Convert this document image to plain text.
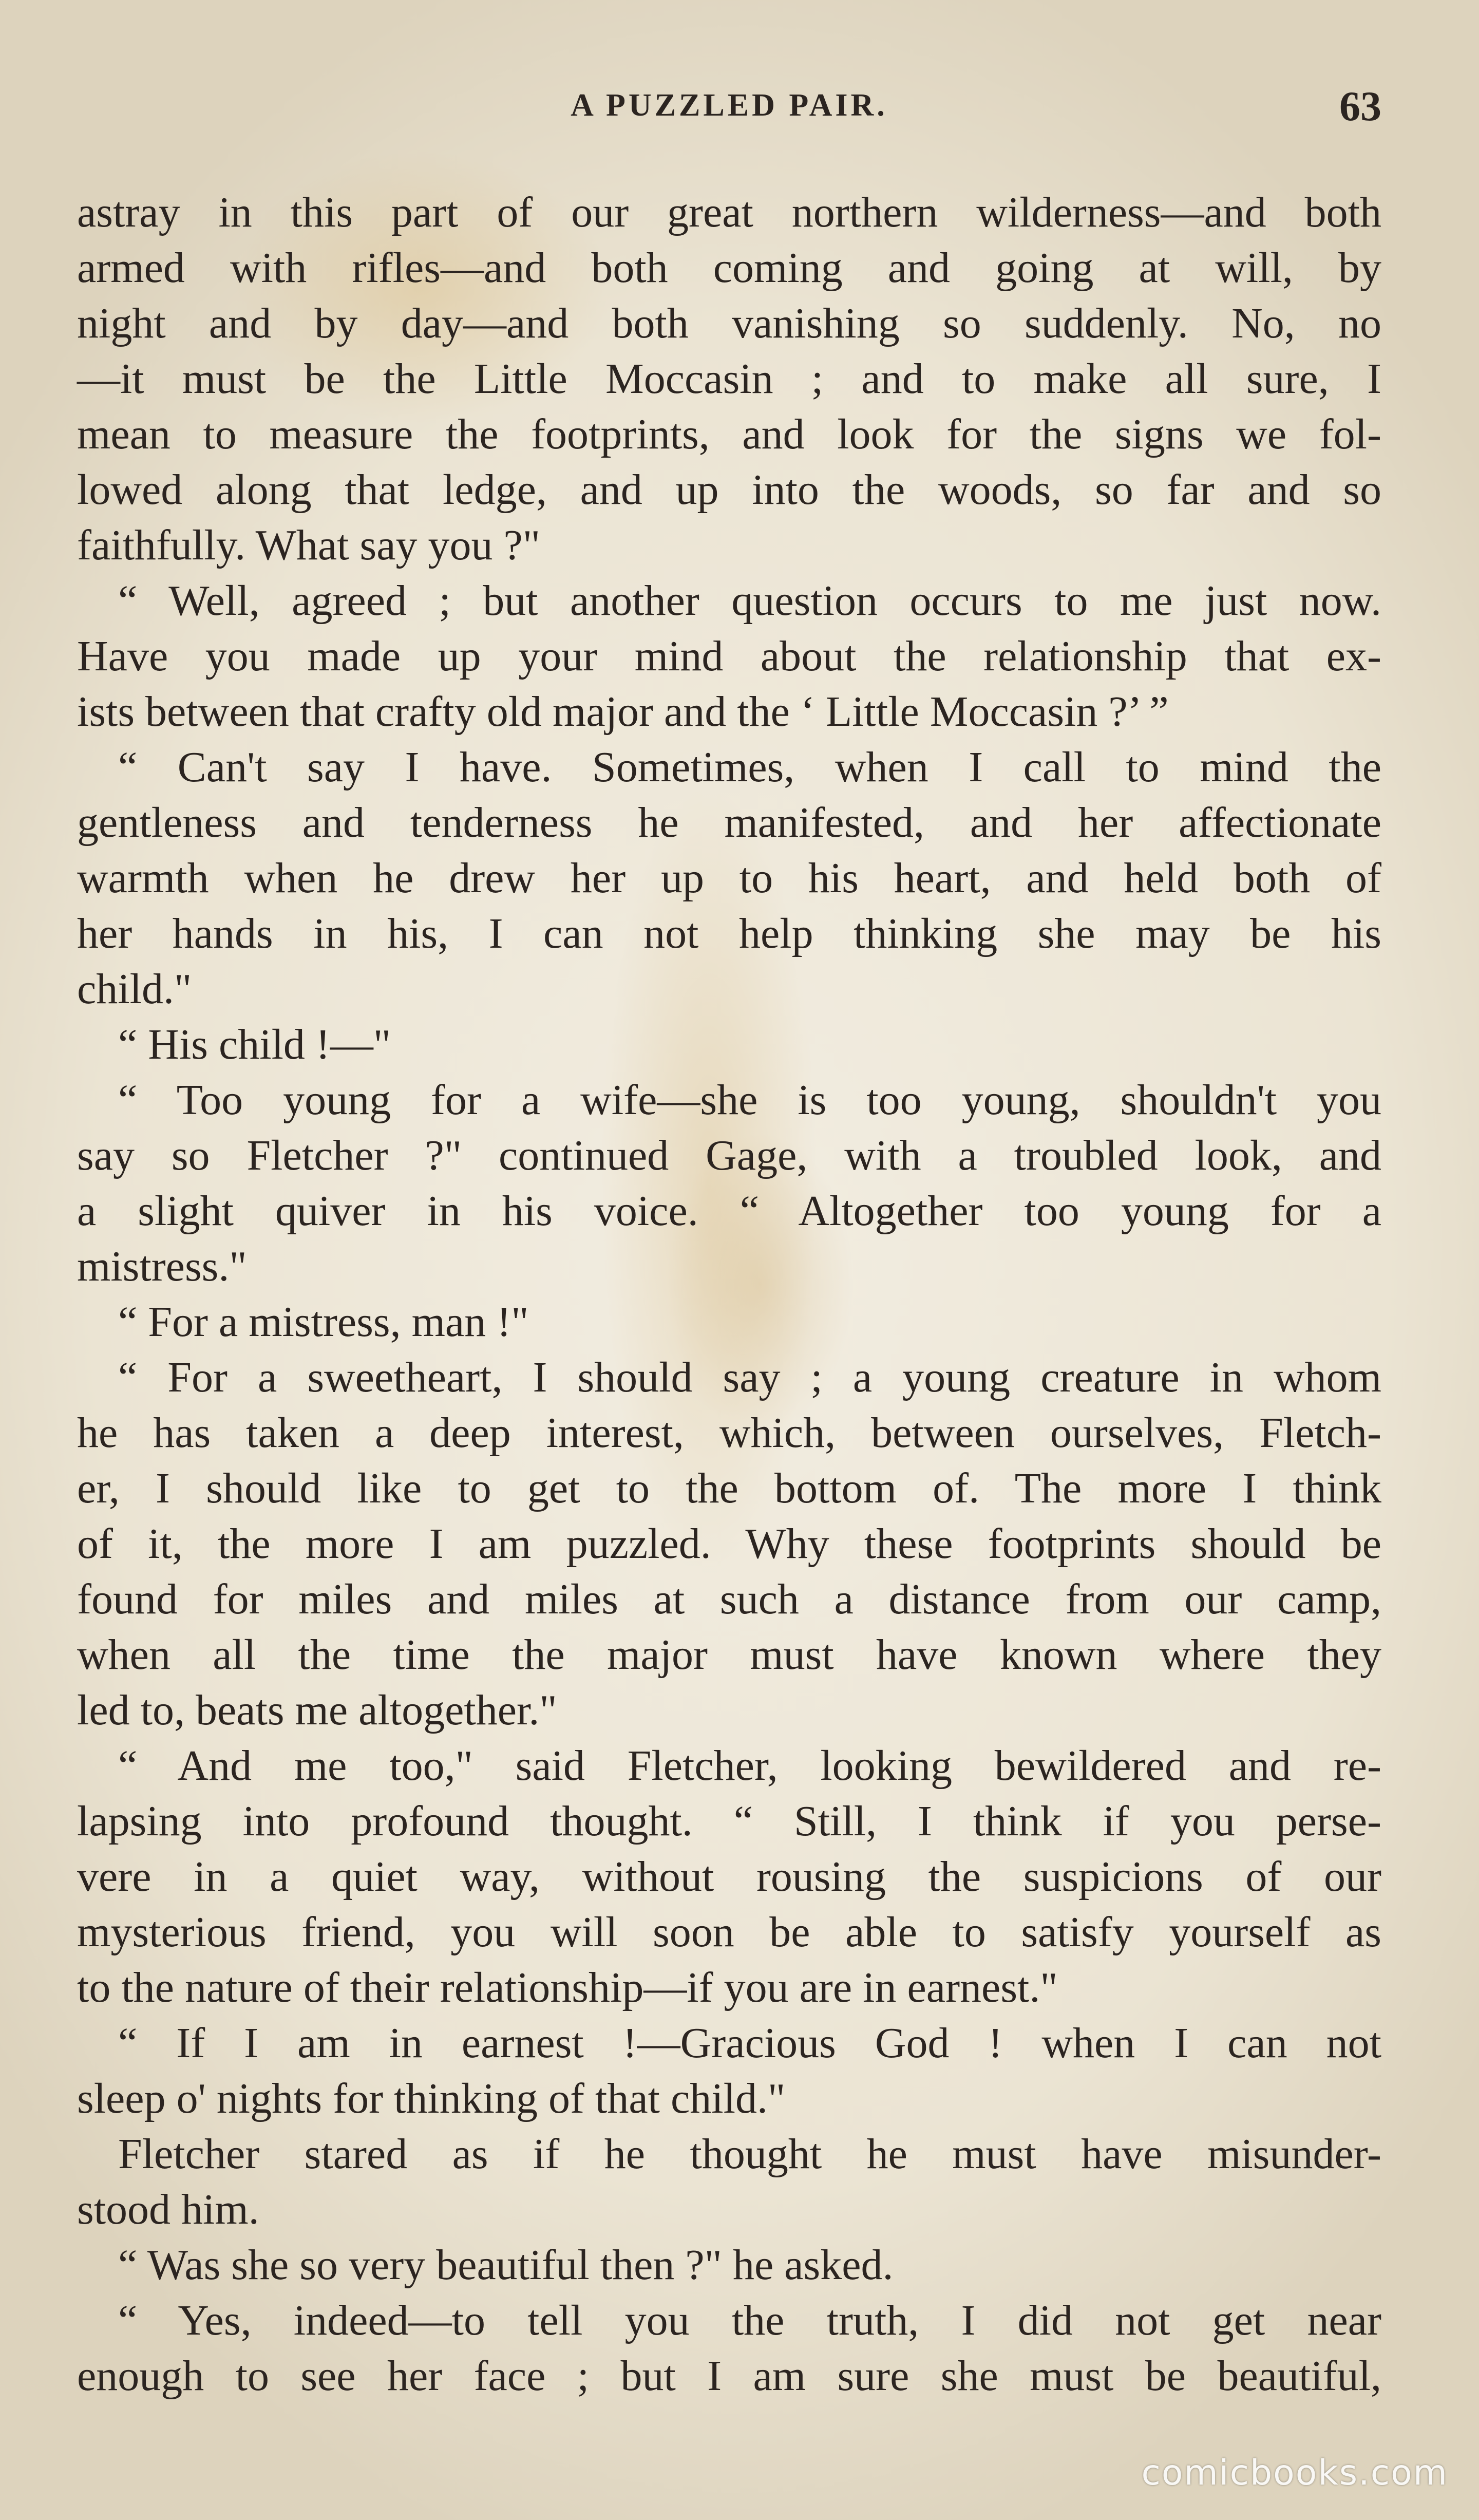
A PUZZLED PAIR.	63
astray in this part of our great northern wilderness—and both
armed with rifles—and both coming and going at will, by
night and by day—and both vanishing so suddenly. No, no
—it must be the Little Moccasin ; and to make all sure, I
mean to measure the footprints, and look for the signs we fol-
lowed along that ledge, and up into the woods, so far and so
faithfully. What say you ?"
“ Well, agreed ; but another question occurs to me just now.
Have you made up your mind about the relationship that ex-
ists between that crafty old major and the ‘ Little Moccasin ?’ ”
“ Can't say I have. Sometimes, when I call to mind the
gentleness and tenderness he manifested, and her affectionate
warmth when he drew her up to his heart, and held both of
her hands in his, I can not help thinking she may be his
child."
“ His child !—"
“ Too young for a wife—she is too young, shouldn't you
say so Fletcher ?" continued Gage, with a troubled look, and
a slight quiver in his voice. “ Altogether too young for a
mistress."
“ For a mistress, man !"
“ For a sweetheart, I should say ; a young creature in whom
he has taken a deep interest, which, between ourselves, Fletch-
er, I should like to get to the bottom of. The more I think
of it, the more I am puzzled. Why these footprints should be
found for miles and miles at such a distance from our camp,
when all the time the major must have known where they
led to, beats me altogether."
“ And me too," said Fletcher, looking bewildered and re-
lapsing into profound thought. “ Still, I think if you perse-
vere in a quiet way, without rousing the suspicions of our
mysterious friend, you will soon be able to satisfy yourself as
to the nature of their relationship—if you are in earnest."
“ If I am in earnest !—Gracious God ! when I can not
sleep o' nights for thinking of that child."
Fletcher stared as if he thought he must have misunder-
stood him.
“ Was she so very beautiful then ?" he asked.
“ Yes, indeed—to tell you the truth, I did not get near
enough to see her face ; but I am sure she must be beautiful,
comicbooks.com
